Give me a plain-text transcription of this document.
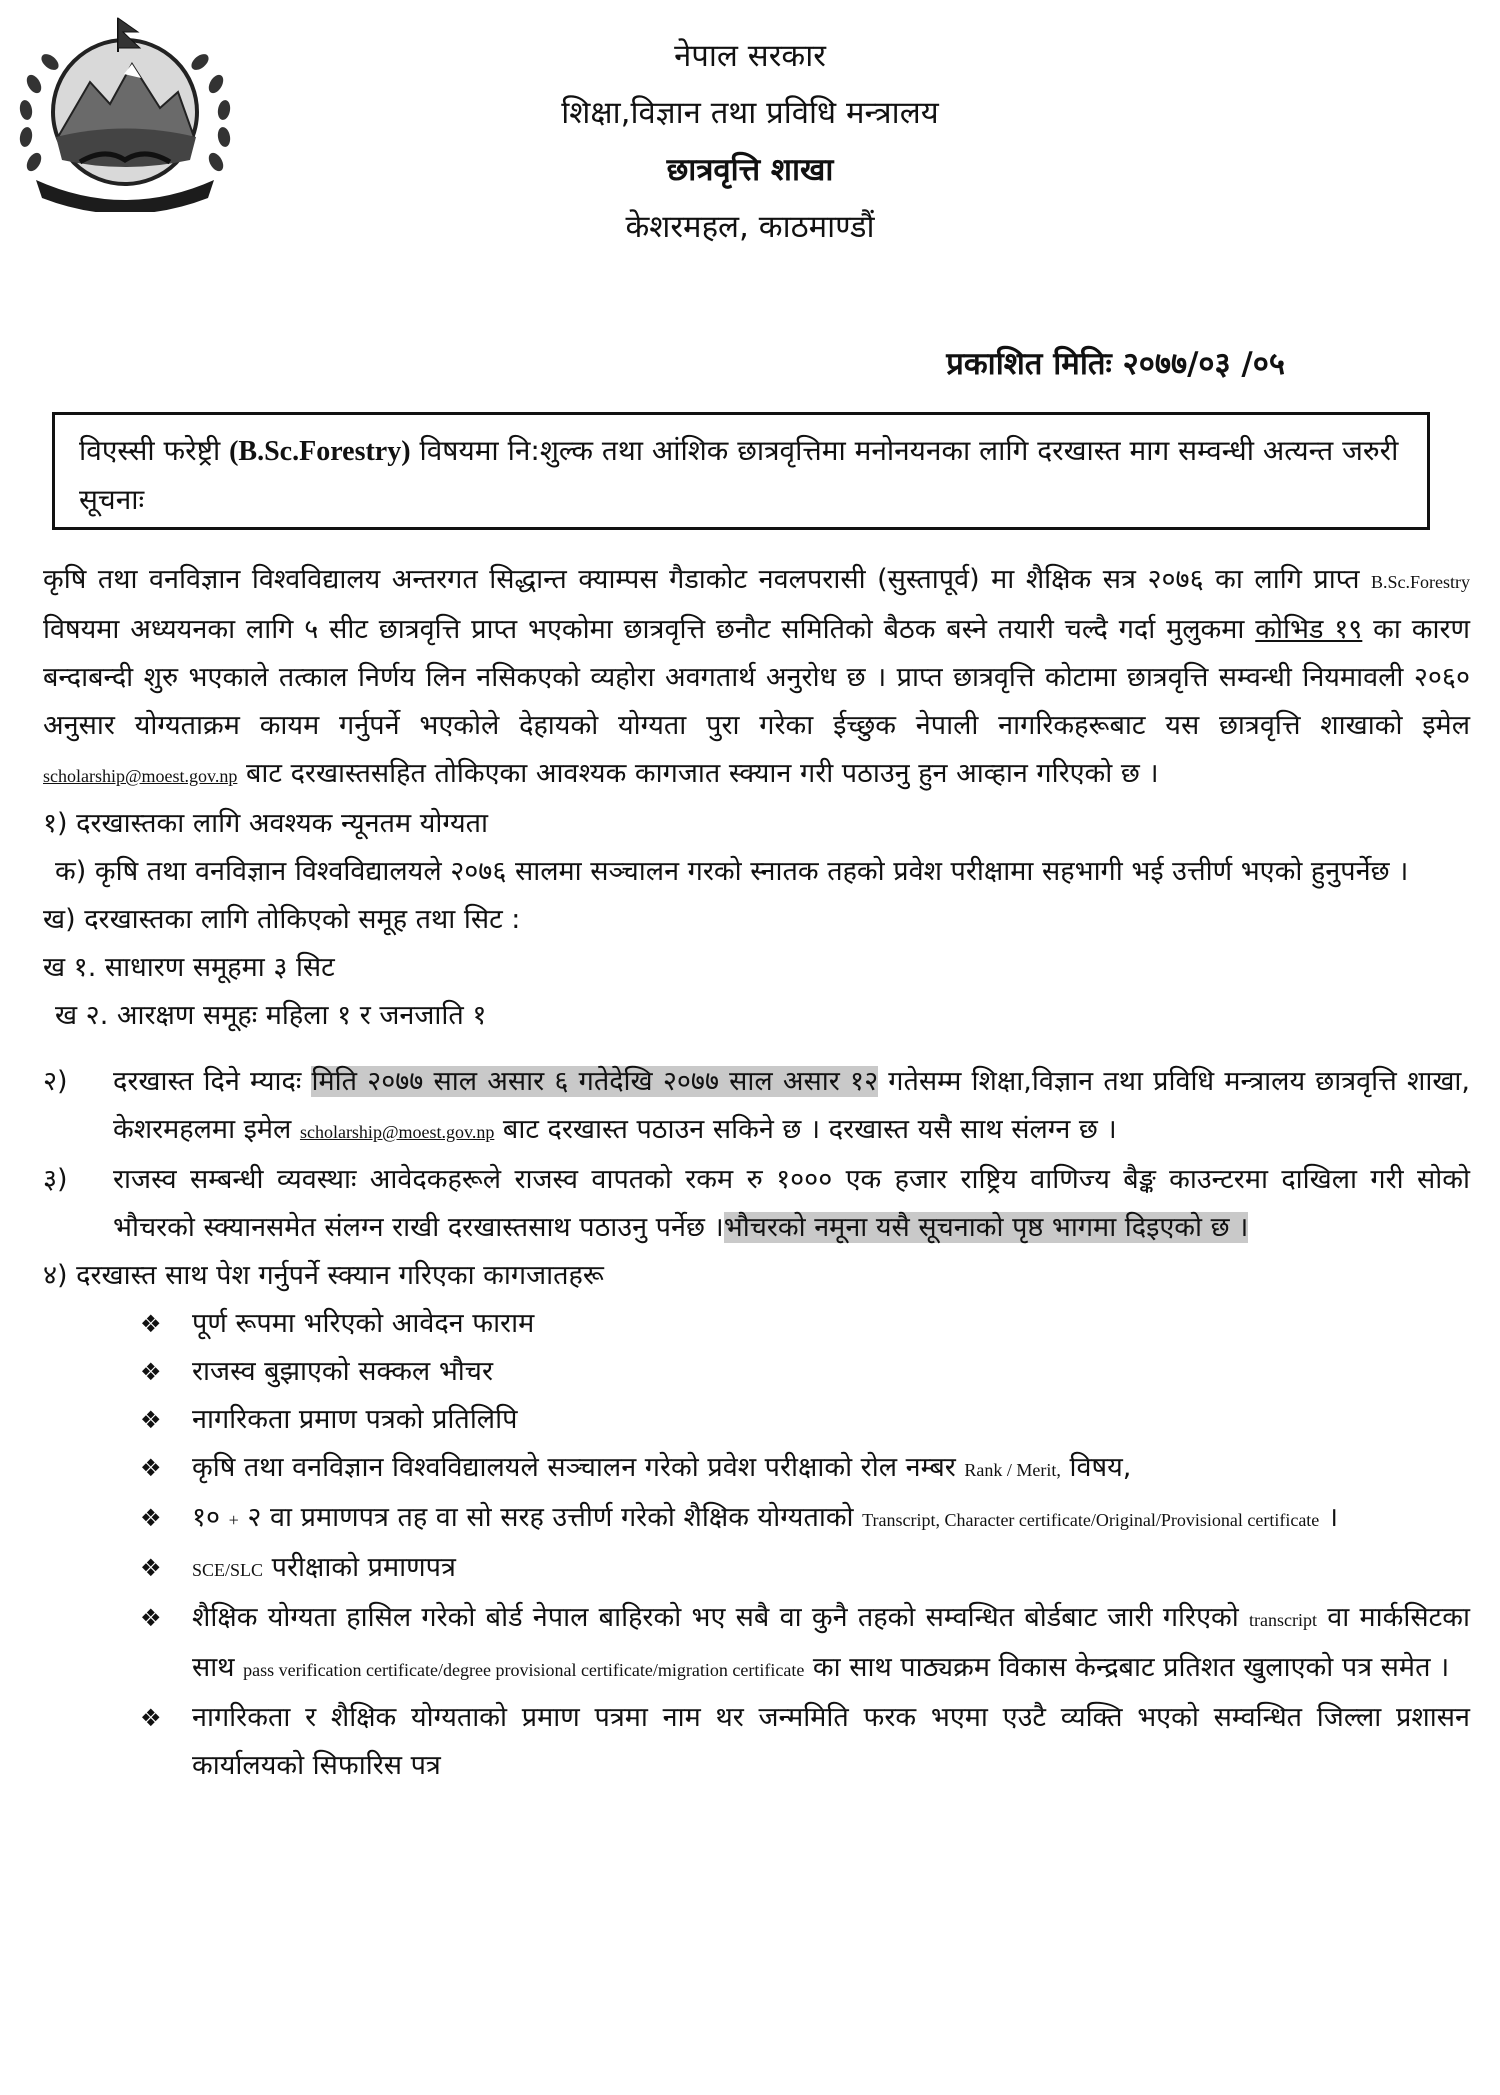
नेपाल सरकार
शिक्षा,विज्ञान तथा प्रविधि मन्त्रालय
छात्रवृत्ति शाखा
केशरमहल, काठमाण्डौं
प्रकाशित मितिः २०७७/०३ /०५
विएस्सी फरेष्ट्री (B.Sc.Forestry) विषयमा नि:शुल्क तथा आंशिक छात्रवृत्तिमा मनोनयनका लागि दरखास्त माग सम्वन्धी अत्यन्त जरुरी सूचनाः

कृषि तथा वनविज्ञान विश्वविद्यालय अन्तरगत सिद्धान्त क्याम्पस गैडाकोट नवलपरासी (सुस्तापूर्व) मा शैक्षिक सत्र २०७६ का लागि प्राप्त B.Sc.Forestry विषयमा अध्ययनका लागि ५ सीट छात्रवृत्ति प्राप्त भएकोमा छात्रवृत्ति छनौट समितिको बैठक बस्ने तयारी चल्दै गर्दा मुलुकमा कोभिड १९ का कारण बन्दाबन्दी शुरु भएकाले तत्काल निर्णय लिन नसिकएको व्यहोरा अवगतार्थ अनुरोध छ । प्राप्त छात्रवृत्ति कोटामा छात्रवृत्ति सम्वन्धी नियमावली २०६० अनुसार योग्यताक्रम कायम गर्नुपर्ने भएकोले देहायको योग्यता पुरा गरेका ईच्छुक नेपाली नागरिकहरूबाट यस छात्रवृत्ति शाखाको इमेल scholarship@moest.gov.np बाट दरखास्तसहित तोकिएका आवश्यक कागजात स्क्यान गरी पठाउनु हुन आव्हान गरिएको छ ।

१) दरखास्तका लागि अवश्यक न्यूनतम योग्यता

क) कृषि तथा वनविज्ञान विश्वविद्यालयले २०७६ सालमा सञ्चालन गरको स्नातक तहको प्रवेश परीक्षामा सहभागी भई उत्तीर्ण भएको हुनुपर्नेछ ।

ख) दरखास्तका लागि तोकिएको समूह तथा सिट :

ख १. साधारण समूहमा ३ सिट

ख २. आरक्षण समूहः महिला १ र जनजाति १

२) दरखास्त दिने म्यादः मिति २०७७ साल असार ६ गतेदेखि २०७७ साल असार १२ गतेसम्म शिक्षा,विज्ञान तथा प्रविधि मन्त्रालय छात्रवृत्ति शाखा, केशरमहलमा इमेल scholarship@moest.gov.np बाट दरखास्त पठाउन सकिने छ । दरखास्त यसै साथ संलग्न छ ।
३) राजस्व सम्बन्धी व्यवस्थाः आवेदकहरूले राजस्व वापतको रकम रु १००० एक हजार राष्ट्रिय वाणिज्य बैङ्क काउन्टरमा दाखिला गरी सोको भौचरको स्क्यानसमेत संलग्न राखी दरखास्तसाथ पठाउनु पर्नेछ ।भौचरको नमूना यसै सूचनाको पृष्ठ भागमा दिइएको छ ।

४) दरखास्त साथ पेश गर्नुपर्ने स्क्यान गरिएका कागजातहरू

❖ पूर्ण रूपमा भरिएको आवेदन फाराम
❖ राजस्व बुझाएको सक्कल भौचर
❖ नागरिकता प्रमाण पत्रको प्रतिलिपि
❖ कृषि तथा वनविज्ञान विश्वविद्यालयले सञ्चालन गरेको प्रवेश परीक्षाको रोल नम्बर Rank / Merit, विषय,
❖ १० + २ वा प्रमाणपत्र तह वा सो सरह उत्तीर्ण गरेको शैक्षिक योग्यताको Transcript, Character certificate/Original/Provisional certificate ।
❖ SCE/SLC परीक्षाको प्रमाणपत्र
❖ शैक्षिक योग्यता हासिल गरेको बोर्ड नेपाल बाहिरको भए सबै वा कुनै तहको सम्वन्धित बोर्डबाट जारी गरिएको transcript वा मार्कसिटका साथ pass verification certificate/degree provisional certificate/migration certificate का साथ पाठ्यक्रम विकास केन्द्रबाट प्रतिशत खुलाएको पत्र समेत ।
❖ नागरिकता र शैक्षिक योग्यताको प्रमाण पत्रमा नाम थर जन्ममिति फरक भएमा एउटै व्यक्ति भएको सम्वन्धित जिल्ला प्रशासन कार्यालयको सिफारिस पत्र
